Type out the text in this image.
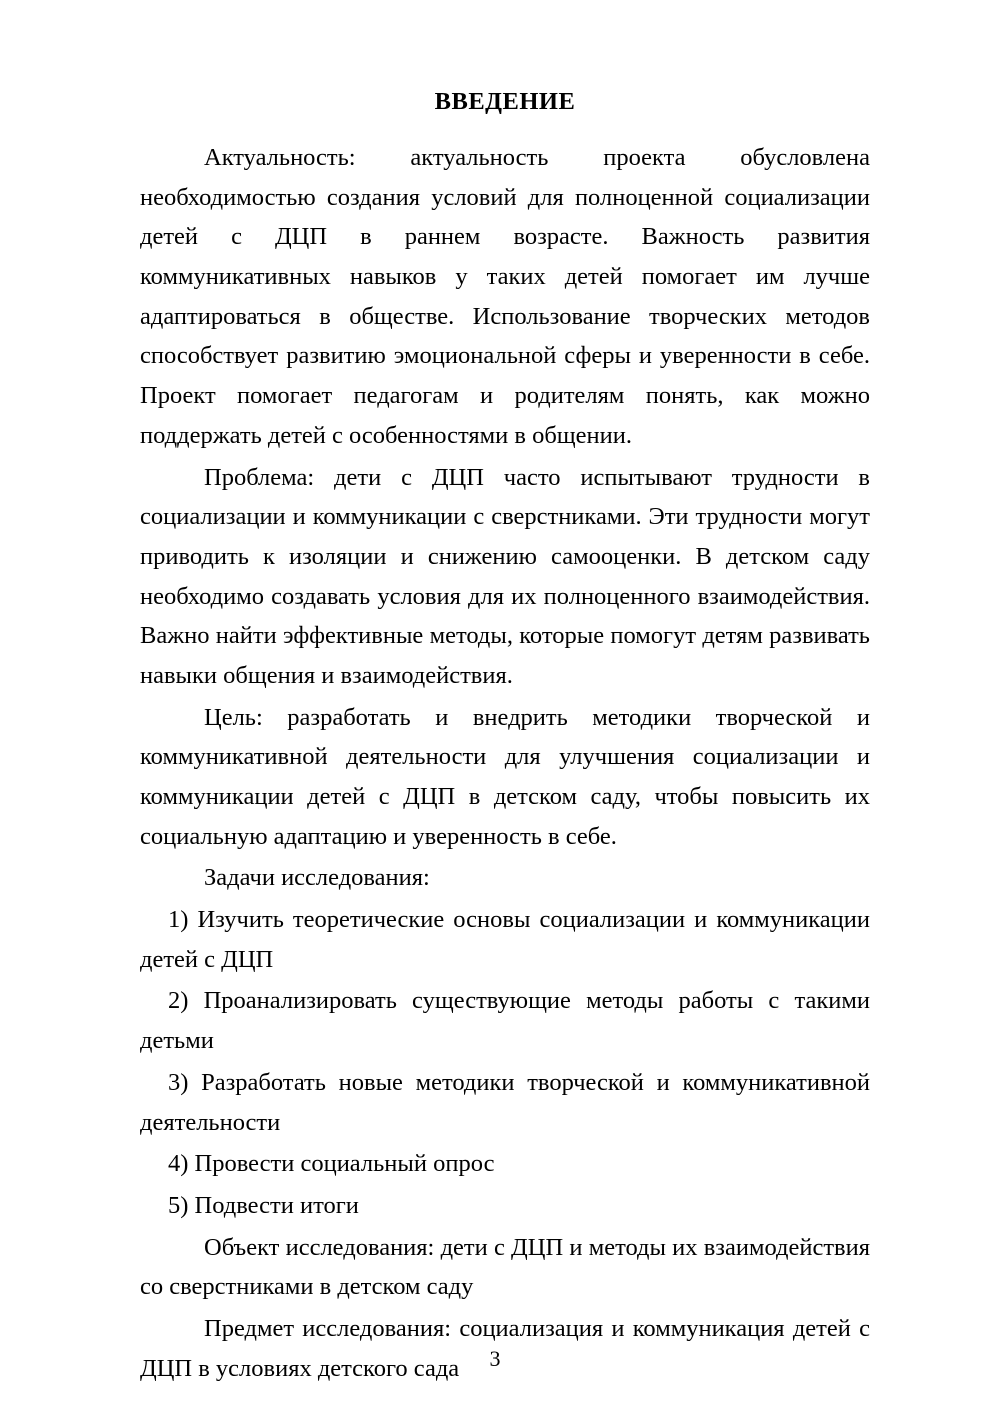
ВВЕДЕНИЕ

Актуальность: актуальность проекта обусловлена необходимостью создания условий для полноценной социализации детей с ДЦП в раннем возрасте. Важность развития коммуникативных навыков у таких детей помогает им лучше адаптироваться в обществе. Использование творческих методов способствует развитию эмоциональной сферы и уверенности в себе. Проект помогает педагогам и родителям понять, как можно поддержать детей с особенностями в общении.

Проблема: дети с ДЦП часто испытывают трудности в социализации и коммуникации с сверстниками. Эти трудности могут приводить к изоляции и снижению самооценки. В детском саду необходимо создавать условия для их полноценного взаимодействия. Важно найти эффективные методы, которые помогут детям развивать навыки общения и взаимодействия.

Цель: разработать и внедрить методики творческой и коммуникативной деятельности для улучшения социализации и коммуникации детей с ДЦП в детском саду, чтобы повысить их социальную адаптацию и уверенность в себе.

Задачи исследования:

1) Изучить теоретические основы социализации и коммуникации детей с ДЦП

2) Проанализировать существующие методы работы с такими детьми

3) Разработать новые методики творческой и коммуникативной деятельности

4) Провести социальный опрос

5) Подвести итоги

Объект исследования: дети с ДЦП и методы их взаимодействия со сверстниками в детском саду

Предмет исследования: социализация и коммуникация детей с ДЦП в условиях детского сада	3
